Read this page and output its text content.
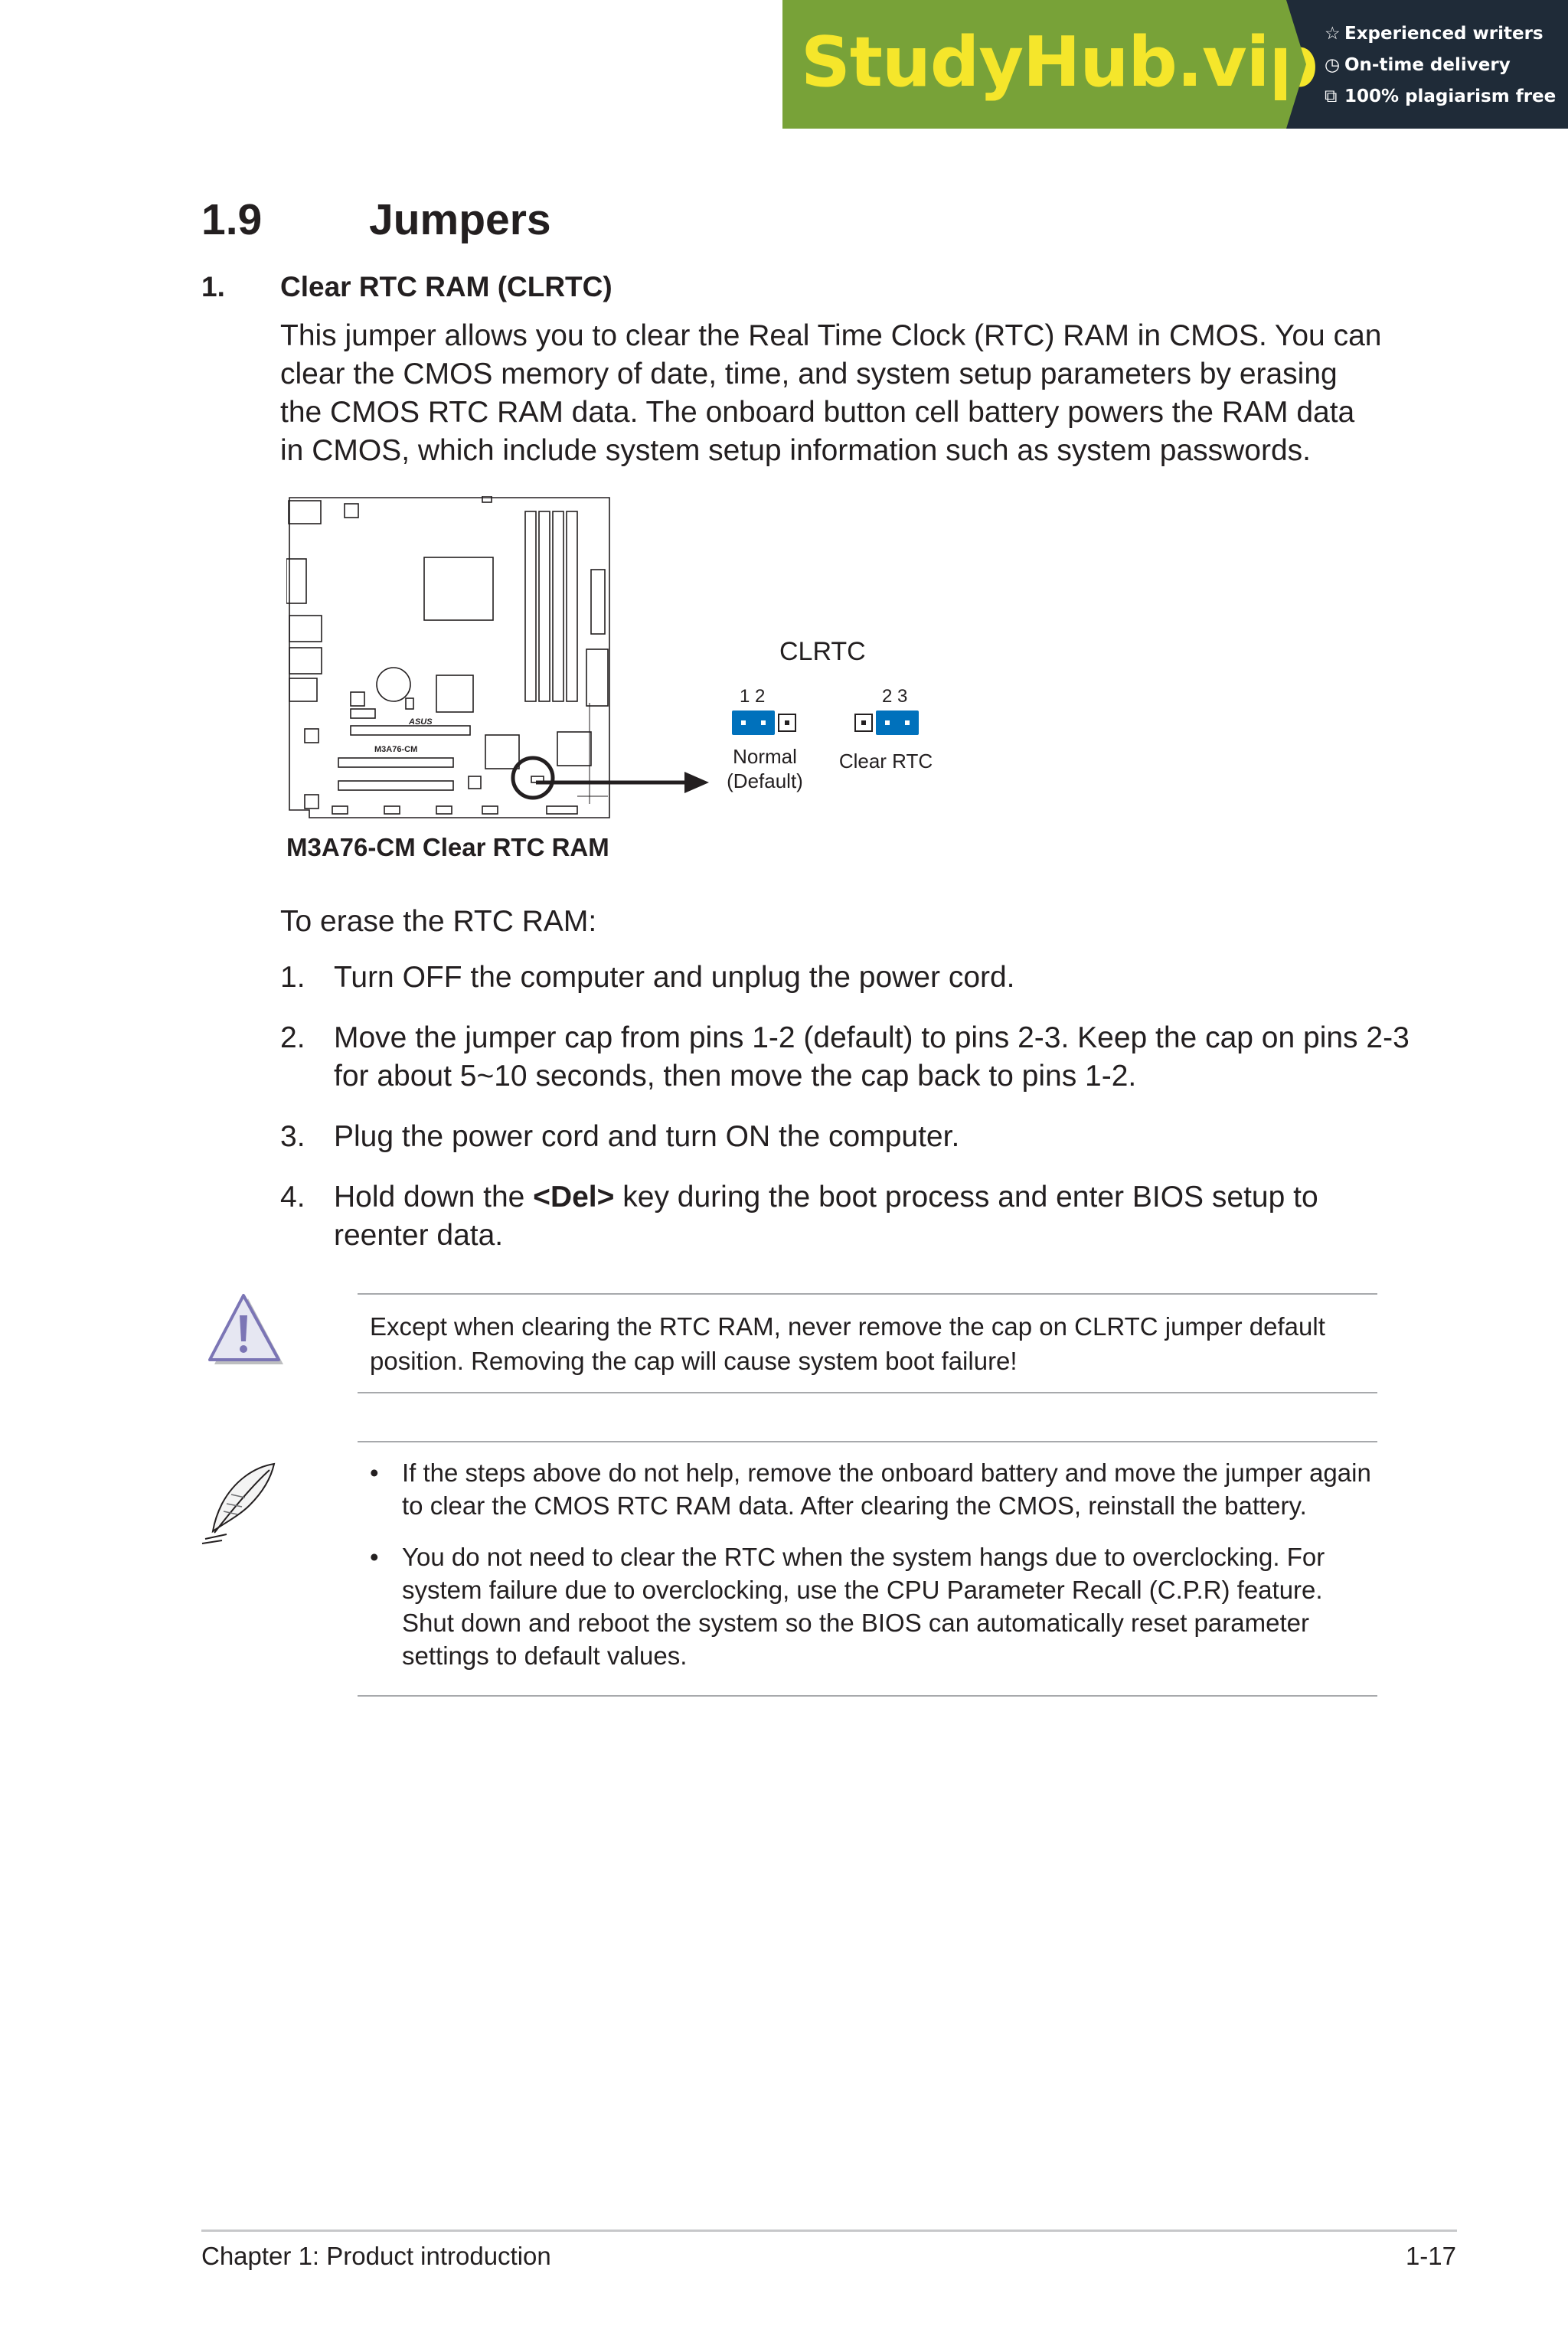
StudyHub.vip ☆ Experienced writers
◷ On-time delivery
⧉ 100% plagiarism free
1.9 Jumpers
1. Clear RTC RAM (CLRTC)
This jumper allows you to clear the Real Time Clock (RTC) RAM in CMOS. You can clear the CMOS memory of date, time, and system setup parameters by erasing the CMOS RTC RAM data. The onboard button cell battery powers the RAM data in CMOS, which include system setup information such as system passwords.
ASUS
M3A76-CM
M3A76-CM Clear RTC RAM
CLRTC
1 2	2 3
Normal
(Default)
Clear RTC
To erase the RTC RAM:
1. Turn OFF the computer and unplug the power cord.
2. Move the jumper cap from pins 1-2 (default) to pins 2-3. Keep the cap on pins 2-3 for about 5~10 seconds, then move the cap back to pins 1-2.
3. Plug the power cord and turn ON the computer.
4. Hold down the <Del> key during the boot process and enter BIOS setup to reenter data.
Except when clearing the RTC RAM, never remove the cap on CLRTC jumper default position. Removing the cap will cause system boot failure!
• If the steps above do not help, remove the onboard battery and move the jumper again to clear the CMOS RTC RAM data. After clearing the CMOS, reinstall the battery.
• You do not need to clear the RTC when the system hangs due to overclocking. For system failure due to overclocking, use the CPU Parameter Recall (C.P.R) feature. Shut down and reboot the system so the BIOS can automatically reset parameter settings to default values.
Chapter 1: Product introduction	1-17
